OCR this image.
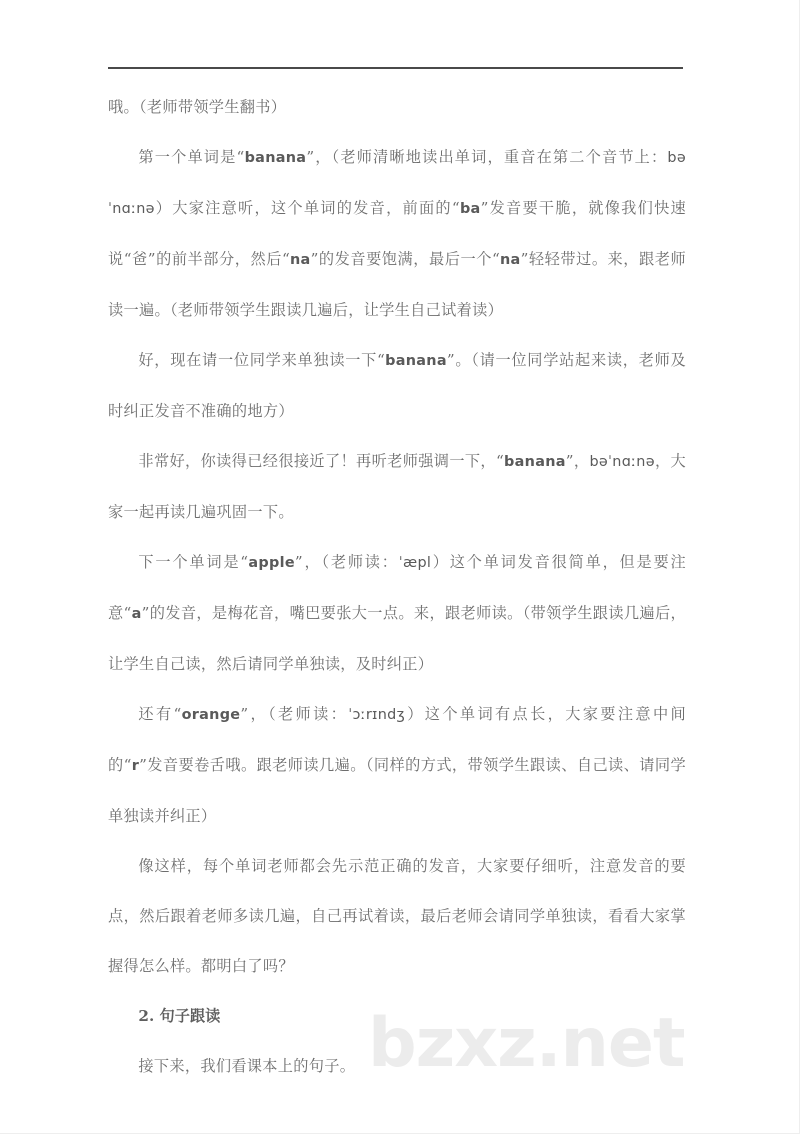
哦。（老师带领学生翻书）

第一个单词是“banana”，（老师清晰地读出单词，重音在第二个音节上：bəˈnɑːnə）大家注意听，这个单词的发音，前面的“ba”发音要干脆，就像我们快速说“爸”的前半部分，然后“na”的发音要饱满，最后一个“na”轻轻带过。来，跟老师读一遍。（老师带领学生跟读几遍后，让学生自己试着读）

好，现在请一位同学来单独读一下“banana”。（请一位同学站起来读，老师及时纠正发音不准确的地方）

非常好，你读得已经很接近了！再听老师强调一下，“banana”，bəˈnɑːnə，大家一起再读几遍巩固一下。

下一个单词是“apple”，（老师读：ˈæpl）这个单词发音很简单，但是要注意“a”的发音，是梅花音，嘴巴要张大一点。来，跟老师读。（带领学生跟读几遍后，让学生自己读，然后请同学单独读，及时纠正）

还有“orange”，（老师读：ˈɔːrɪndʒ）这个单词有点长，大家要注意中间的“r”发音要卷舌哦。跟老师读几遍。（同样的方式，带领学生跟读、自己读、请同学单独读并纠正）

像这样，每个单词老师都会先示范正确的发音，大家要仔细听，注意发音的要点，然后跟着老师多读几遍，自己再试着读，最后老师会请同学单独读，看看大家掌握得怎么样。都明白了吗？

2. 句子跟读

接下来，我们看课本上的句子。 bzxz.net
